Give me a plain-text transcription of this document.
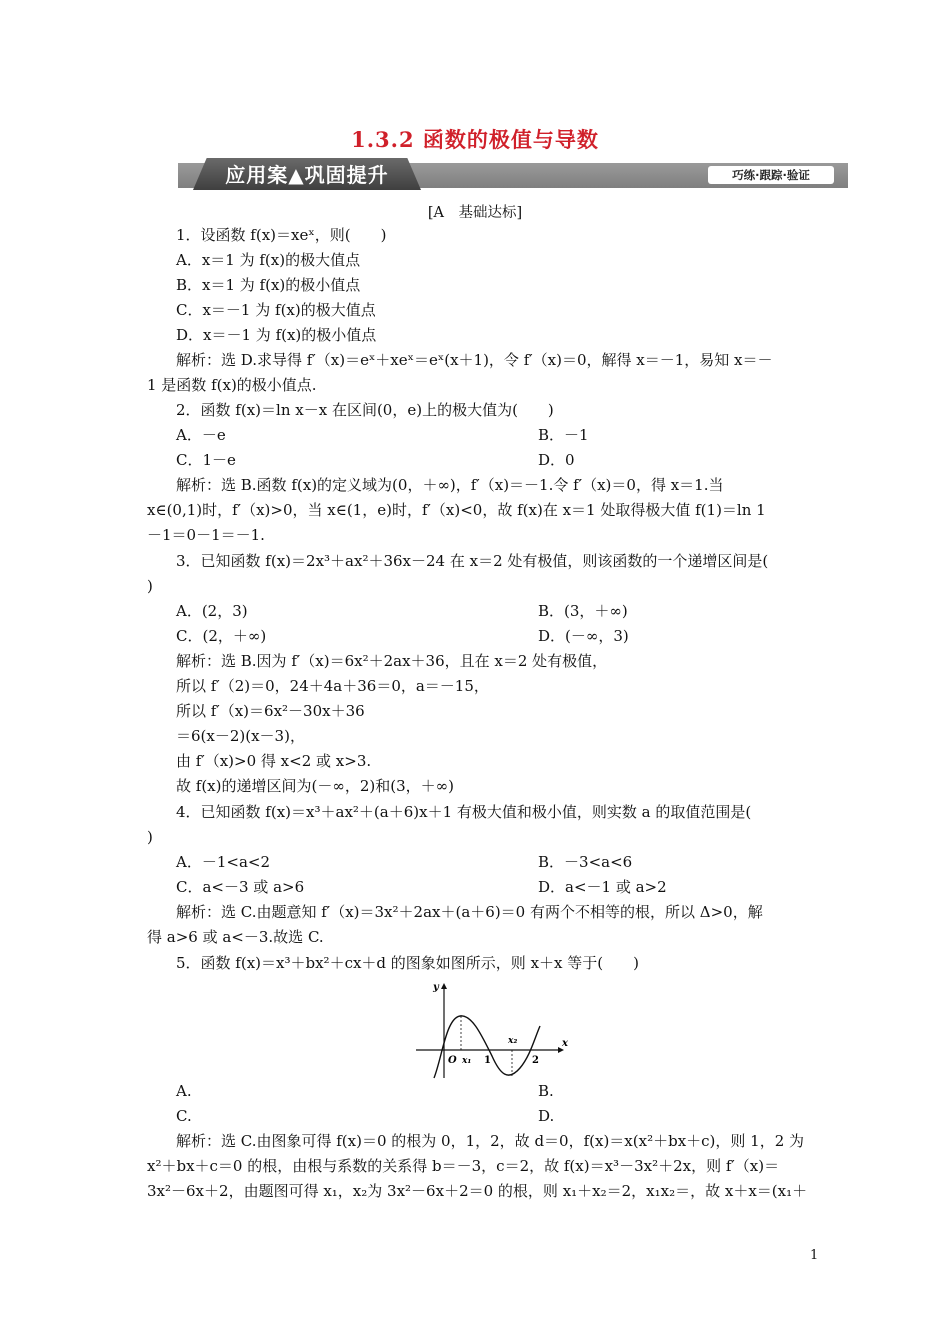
1.3.2 函数的极值与导数
应用案▲巩固提升	巧练·跟踪·验证
[A　基础达标]
1．设函数 f(x)＝xeˣ，则(　　)
A．x＝1 为 f(x)的极大值点
B．x＝1 为 f(x)的极小值点
C．x＝－1 为 f(x)的极大值点
D．x＝－1 为 f(x)的极小值点
解析：选 D.求导得 f′（x)＝eˣ＋xeˣ＝eˣ(x＋1)，令 f′（x)＝0，解得 x＝－1，易知 x＝－
1 是函数 f(x)的极小值点.
2．函数 f(x)＝ln x－x 在区间(0，e)上的极大值为(　　)
A．－e	B．－1
C．1－e	D．0
解析：选 B.函数 f(x)的定义域为(0，＋∞)，f′（x)＝－1.令 f′（x)＝0，得 x＝1.当
x∈(0,1)时，f′（x)>0，当 x∈(1，e)时，f′（x)<0，故 f(x)在 x＝1 处取得极大值 f(1)＝ln 1
－1＝0－1＝－1.
3．已知函数 f(x)＝2x³＋ax²＋36x－24 在 x＝2 处有极值，则该函数的一个递增区间是(
)
A．(2，3)	B．(3，＋∞)
C．(2，＋∞)	D．(－∞，3)
解析：选 B.因为 f′（x)＝6x²＋2ax＋36，且在 x＝2 处有极值，
所以 f′（2)＝0，24＋4a＋36＝0，a＝－15，
所以 f′（x)＝6x²－30x＋36
＝6(x－2)(x－3)，
由 f′（x)>0 得 x<2 或 x>3.
故 f(x)的递增区间为(－∞，2)和(3，＋∞)
4．已知函数 f(x)＝x³＋ax²＋(a＋6)x＋1 有极大值和极小值，则实数 a 的取值范围是(
)
A．－1<a<2	B．－3<a<6
C．a<－3 或 a>6	D．a<－1 或 a>2
解析：选 C.由题意知 f′（x)＝3x²＋2ax＋(a＋6)＝0 有两个不相等的根，所以 Δ>0，解
得 a>6 或 a<－3.故选 C.
5．函数 f(x)＝x³＋bx²＋cx＋d 的图象如图所示，则 x＋x 等于(　　)
y
x
O x₁ 1
x₂
2
A.	B.
C.	D.
解析：选 C.由图象可得 f(x)＝0 的根为 0，1，2，故 d＝0，f(x)＝x(x²＋bx＋c)，则 1，2 为
x²＋bx＋c＝0 的根，由根与系数的关系得 b＝－3，c＝2，故 f(x)＝x³－3x²＋2x，则 f′（x)＝
3x²－6x＋2，由题图可得 x₁，x₂为 3x²－6x＋2＝0 的根，则 x₁＋x₂＝2，x₁x₂＝，故 x＋x＝(x₁＋
1
